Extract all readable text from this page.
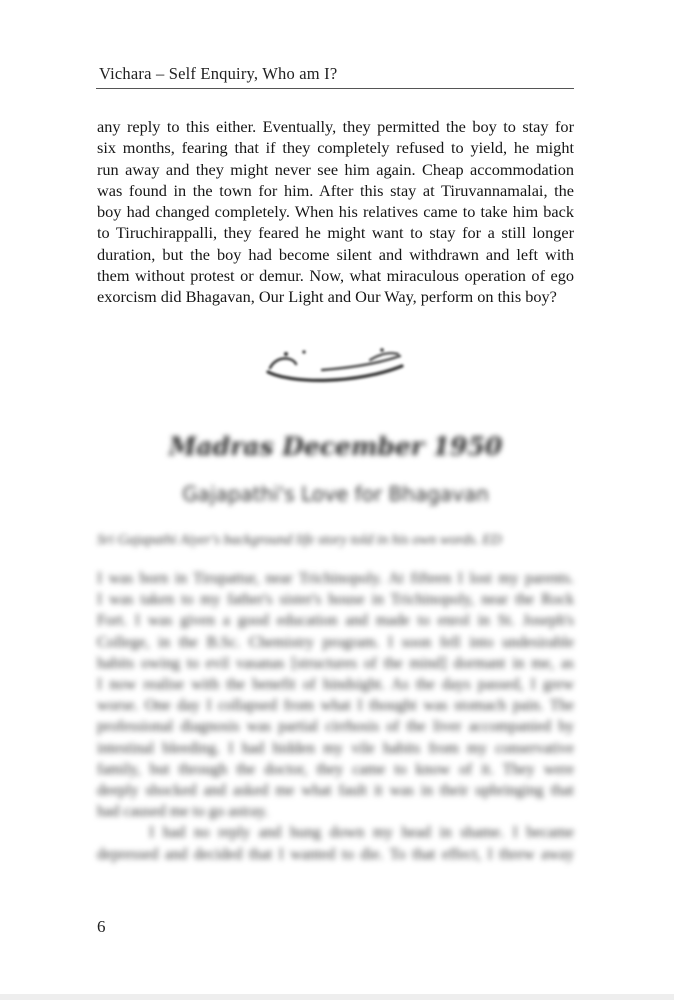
Vichara – Self Enquiry, Who am I?
any reply to this either. Eventually, they permitted the boy to stay for
six months, fearing that if they completely refused to yield, he might
run away and they might never see him again. Cheap accommodation
was found in the town for him. After this stay at Tiruvannamalai, the
boy had changed completely. When his relatives came to take him back
to Tiruchirappalli, they feared he might want to stay for a still longer
duration, but the boy had become silent and withdrawn and left with
them without protest or demur. Now, what miraculous operation of ego
exorcism did Bhagavan, Our Light and Our Way, perform on this boy?
Madras December 1950
Gajapathi's Love for Bhagavan
Sri Gajapathi Aiyer's background life story told in his own words. ED
I was born in Tirupattur, near Trichinopoly. At fifteen I lost my parents.
I was taken to my father's sister's house in Trichinopoly, near the Rock
Fort. I was given a good education and made to enrol in St. Joseph's
College, in the B.Sc. Chemistry program. I soon fell into undesirable
habits owing to evil vasanas [structures of the mind] dormant in me, as
I now realise with the benefit of hindsight. As the days passed, I grew
worse. One day I collapsed from what I thought was stomach pain. The
professional diagnosis was partial cirrhosis of the liver accompanied by
intestinal bleeding. I had hidden my vile habits from my conservative
family, but through the doctor, they came to know of it. They were
deeply shocked and asked me what fault it was in their upbringing that
had caused me to go astray.
I had no reply and hung down my head in shame. I became
depressed and decided that I wanted to die. To that effect, I threw away
6
